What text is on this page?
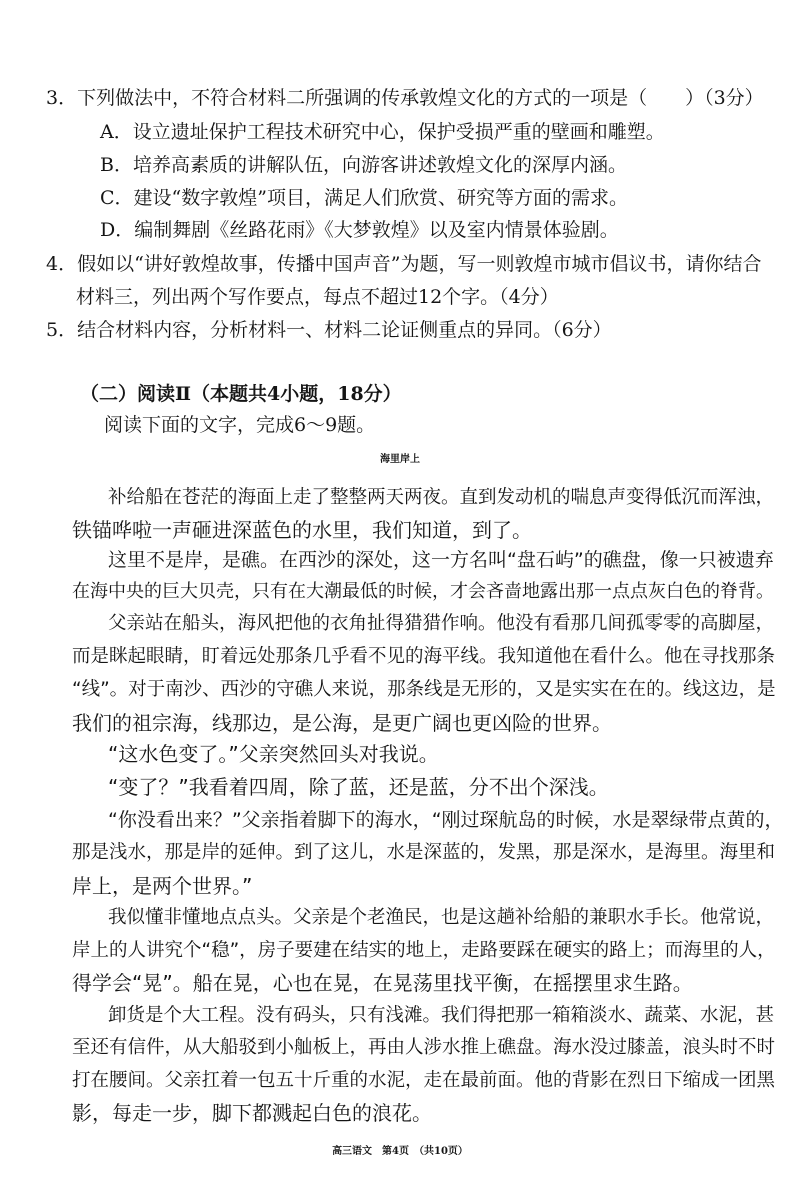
3．下列做法中，不符合材料二所强调的传承敦煌文化的方式的一项是（　　）（3分）
A．设立遗址保护工程技术研究中心，保护受损严重的壁画和雕塑。
B．培养高素质的讲解队伍，向游客讲述敦煌文化的深厚内涵。
C．建设“数字敦煌”项目，满足人们欣赏、研究等方面的需求。
D．编制舞剧《丝路花雨》《大梦敦煌》以及室内情景体验剧。
4．假如以“讲好敦煌故事，传播中国声音”为题，写一则敦煌市城市倡议书，请你结合
材料三，列出两个写作要点，每点不超过12个字。（4分）
5．结合材料内容，分析材料一、材料二论证侧重点的异同。（6分）
（二）阅读Ⅱ（本题共4小题，18分）
阅读下面的文字，完成6～9题。
海里岸上
补给船在苍茫的海面上走了整整两天两夜。直到发动机的喘息声变得低沉而浑浊，
铁锚哗啦一声砸进深蓝色的水里，我们知道，到了。
这里不是岸，是礁。在西沙的深处，这一方名叫“盘石屿”的礁盘，像一只被遗弃
在海中央的巨大贝壳，只有在大潮最低的时候，才会吝啬地露出那一点点灰白色的脊背。
父亲站在船头，海风把他的衣角扯得猎猎作响。他没有看那几间孤零零的高脚屋，
而是眯起眼睛，盯着远处那条几乎看不见的海平线。我知道他在看什么。他在寻找那条
“线”。对于南沙、西沙的守礁人来说，那条线是无形的，又是实实在在的。线这边，是
我们的祖宗海，线那边，是公海，是更广阔也更凶险的世界。
“这水色变了。”父亲突然回头对我说。
“变了？”我看着四周，除了蓝，还是蓝，分不出个深浅。
“你没看出来？”父亲指着脚下的海水，“刚过琛航岛的时候，水是翠绿带点黄的，
那是浅水，那是岸的延伸。到了这儿，水是深蓝的，发黑，那是深水，是海里。海里和
岸上，是两个世界。”
我似懂非懂地点点头。父亲是个老渔民，也是这趟补给船的兼职水手长。他常说，
岸上的人讲究个“稳”，房子要建在结实的地上，走路要踩在硬实的路上；而海里的人，
得学会“晃”。船在晃，心也在晃，在晃荡里找平衡，在摇摆里求生路。
卸货是个大工程。没有码头，只有浅滩。我们得把那一箱箱淡水、蔬菜、水泥，甚
至还有信件，从大船驳到小舢板上，再由人涉水推上礁盘。海水没过膝盖，浪头时不时
打在腰间。父亲扛着一包五十斤重的水泥，走在最前面。他的背影在烈日下缩成一团黑
影，每走一步，脚下都溅起白色的浪花。
高三语文　第4页　（共10页）
